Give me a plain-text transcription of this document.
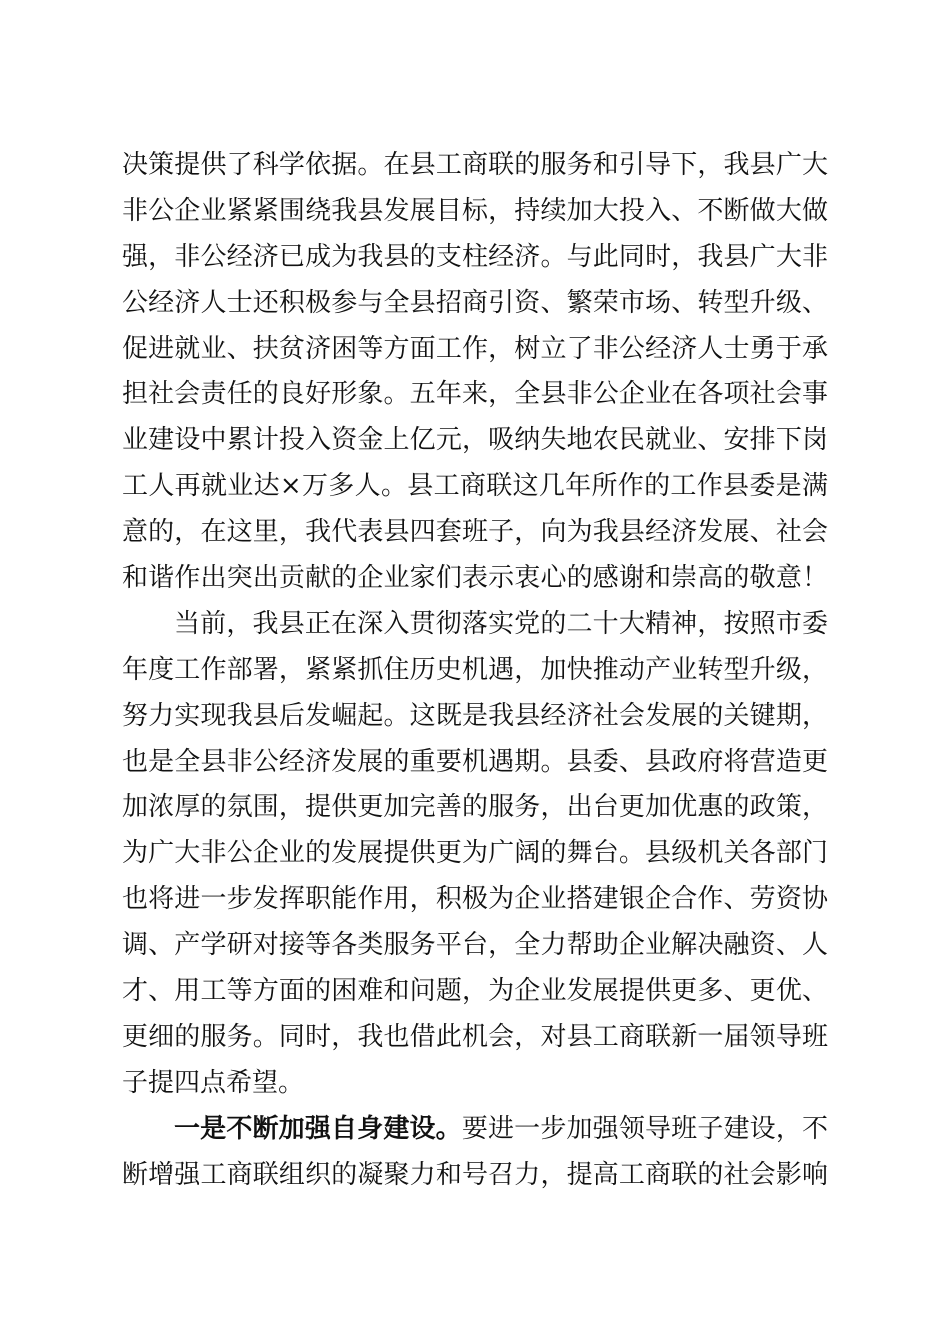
决策提供了科学依据。在县工商联的服务和引导下，我县广大
非公企业紧紧围绕我县发展目标，持续加大投入、不断做大做
强，非公经济已成为我县的支柱经济。与此同时，我县广大非
公经济人士还积极参与全县招商引资、繁荣市场、转型升级、
促进就业、扶贫济困等方面工作，树立了非公经济人士勇于承
担社会责任的良好形象。五年来，全县非公企业在各项社会事
业建设中累计投入资金上亿元，吸纳失地农民就业、安排下岗
工人再就业达×万多人。县工商联这几年所作的工作县委是满
意的，在这里，我代表县四套班子，向为我县经济发展、社会
和谐作出突出贡献的企业家们表示衷心的感谢和崇高的敬意！
当前，我县正在深入贯彻落实党的二十大精神，按照市委
年度工作部署，紧紧抓住历史机遇，加快推动产业转型升级，
努力实现我县后发崛起。这既是我县经济社会发展的关键期，
也是全县非公经济发展的重要机遇期。县委、县政府将营造更
加浓厚的氛围，提供更加完善的服务，出台更加优惠的政策，
为广大非公企业的发展提供更为广阔的舞台。县级机关各部门
也将进一步发挥职能作用，积极为企业搭建银企合作、劳资协
调、产学研对接等各类服务平台，全力帮助企业解决融资、人
才、用工等方面的困难和问题，为企业发展提供更多、更优、
更细的服务。同时，我也借此机会，对县工商联新一届领导班
子提四点希望。
一是不断加强自身建设。要进一步加强领导班子建设，不
断增强工商联组织的凝聚力和号召力，提高工商联的社会影响
